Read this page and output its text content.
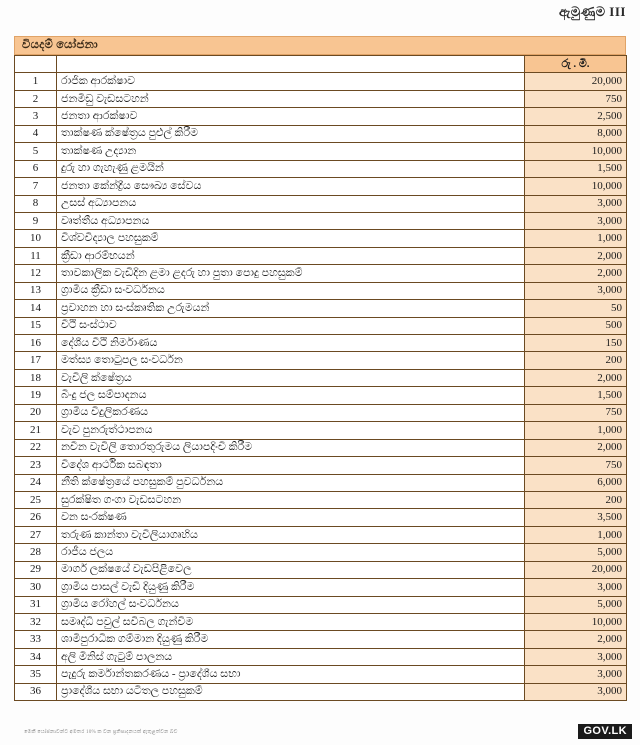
ඇමුණුම III
වියදම් යෝජනා
		රු . මි.
1	රාජික ආරක්ෂාව	20,000
2	ජනමීඩු වැඩසටහන්	750
3	ජනතා ආරක්ෂාව	2,500
4	තාක්ෂණ ක්ෂේත්‍රය පුළුල් කිරීම	8,000
5	තාක්ෂණ උද්‍යාන	10,000
6	දුරු හා ගැහැණු ළමයින්	1,500
7	ජනතා කේන්ද්‍රීය සෞඛ්‍ය සේවය	10,000
8	උසස් අධ්‍යාපනය	3,000
9	වෘත්තීය අධ්‍යාපනය	3,000
10	විශ්වවිද්‍යාල පහසුකම්	1,000
11	ක්‍රීඩා ආරම්භයන්	2,000
12	තාවකාලික වැඩිදින ළමා ළදරු හා පුතා පොදු පහසුකම්	2,000
13	ග්‍රාමීය ක්‍රීඩා සංවර්ධනය	3,000
14	ප්‍රවාහන හා සංස්කෘතික උරුමයන්	50
15	වීථි සංස්ථාව	500
16	දේශීය වීථි නිර්මාණය	150
17	මත්ස්‍ය තොටුපල සංවර්ධන	200
18	වැවිලි ක්ෂේත්‍රය	2,000
19	බිංදු ජල සම්පාදනය	1,500
20	ග්‍රාමීය විදුලිකරණය	750
21	වැව පුනරුත්ථාපනය	1,000
22	නවීන වැවිලි තොරතුරුමය ලියාපදිංචි කිරීම	2,000
23	විදේශ ආර්ථික සබඳතා	750
24	නීති ක්ෂේත්‍රයේ පහසුකම් පුවර්ධනය	6,000
25	සුරක්ෂිත ගංගා වැඩසටහන	200
26	වන සංරක්ෂණ	3,500
27	තරුණ කාන්තා වැවිලියාගෘහිය	1,000
28	රාජීය ජලය	5,000
29	මාර්ග ලක්ෂයේ වැඩපිළිවෙල	20,000
30	ග්‍රාමීය පාසල් වැඩි දියුණු කිරීම	3,000
31	ග්‍රාමීය රෝහල් සංවර්ධනය	5,000
32	සමෘද්ධි පවුල් සවිබල ගැන්වීම	10,000
33	ශාමිපුරාධික ගම්මාන දියුණු කිරීම	2,000
34	අලි මිනිස් ගැටුම් පාලනය	3,000
35	පැදුරු කර්මාන්තකරණය - ප්‍රාදේශීය සභා	3,000
36	ප්‍රාදේශීය සභා යටිතල පහසුකම්	3,000
මෙකී යෝජනාවන්ට අමතර 10% ක වන ප්‍රතිපාදනයක් ඇතුළත්වන බව	GOV.LK
